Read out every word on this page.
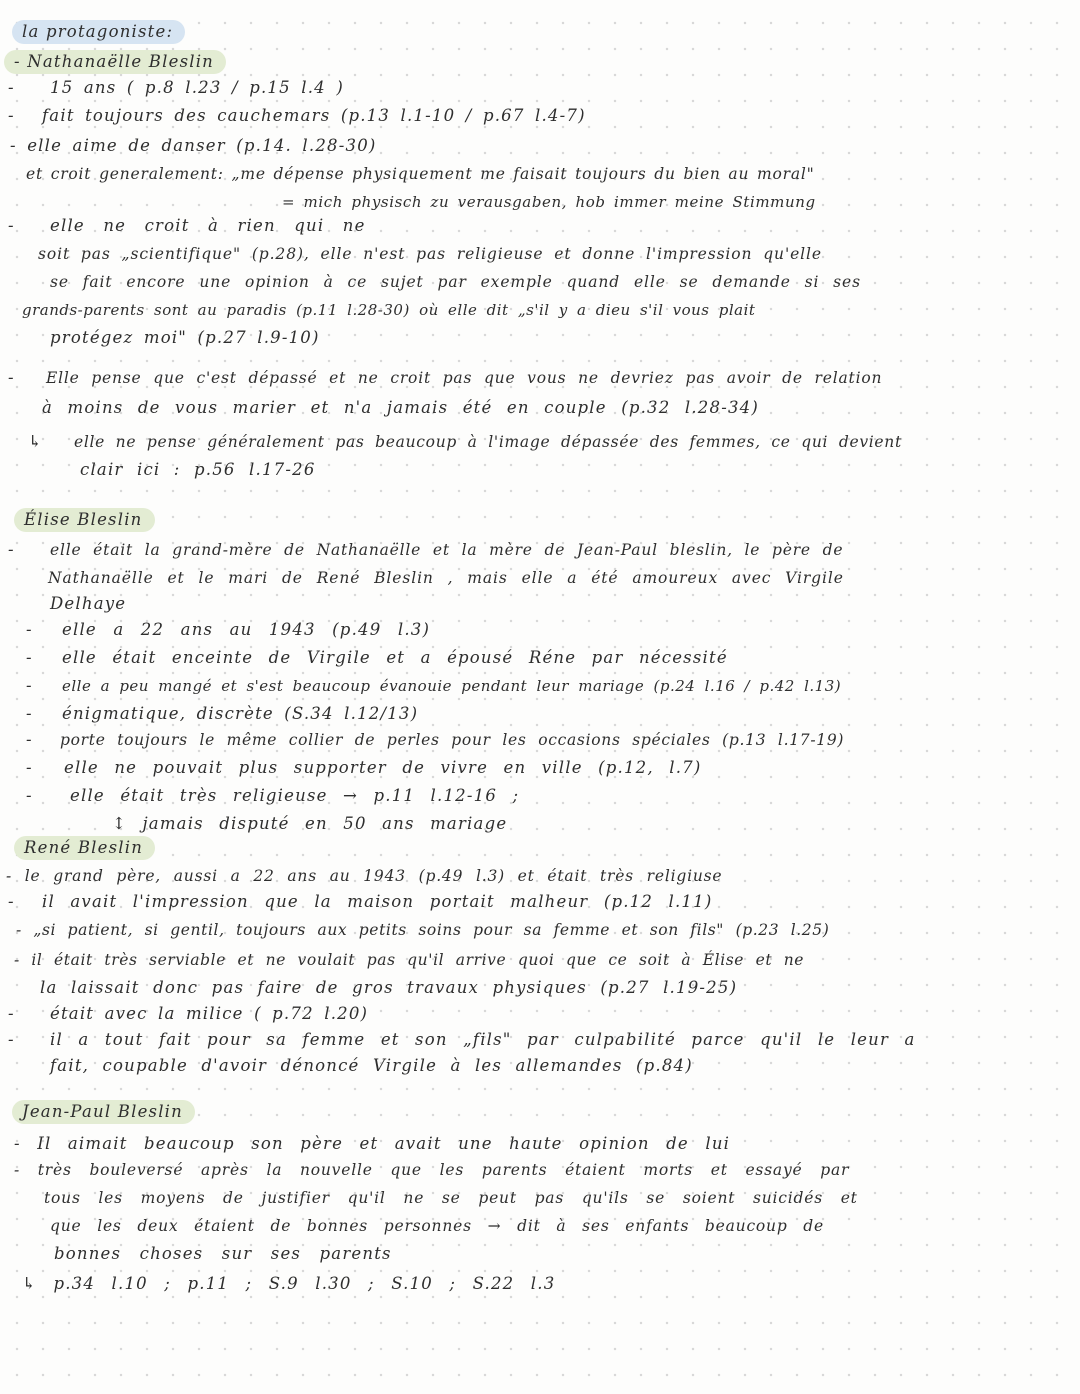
la protagoniste:
- Nathanaëlle Bleslin
- 15 ans ( p.8 l.23 / p.15 l.4 )
- fait toujours des cauchemars (p.13 l.1-10 / p.67 l.4-7)
- elle aime de danser (p.14. l.28-30)
et croit generalement: „me dépense physiquement me faisait toujours du bien au moral"
= mich physisch zu verausgaben, hob immer meine Stimmung
- elle ne croit à rien qui ne
soit pas „scientifique" (p.28), elle n'est pas religieuse et donne l'impression qu'elle
se fait encore une opinion à ce sujet par exemple quand elle se demande si ses
grands-parents sont au paradis (p.11 l.28-30) où elle dit „s'il y a dieu s'il vous plait
protégez moi" (p.27 l.9-10)
- Elle pense que c'est dépassé et ne croit pas que vous ne devriez pas avoir de relation
à moins de vous marier et n'a jamais été en couple (p.32 l.28-34)
↳ elle ne pense généralement pas beaucoup à l'image dépassée des femmes, ce qui devient
clair ici : p.56 l.17-26
Élise Bleslin
- elle était la grand-mère de Nathanaëlle et la mère de Jean-Paul bleslin, le père de
Nathanaëlle et le mari de René Bleslin , mais elle a été amoureux avec Virgile
Delhaye
- elle a 22 ans au 1943 (p.49 l.3)
- elle était enceinte de Virgile et a épousé Réne par nécessité
- elle a peu mangé et s'est beaucoup évanouie pendant leur mariage (p.24 l.16 / p.42 l.13)
- énigmatique, discrète (S.34 l.12/13)
- porte toujours le même collier de perles pour les occasions spéciales (p.13 l.17-19)
- elle ne pouvait plus supporter de vivre en ville (p.12, l.7)
- elle était très religieuse → p.11 l.12-16 ;
↕ jamais disputé en 50 ans mariage
René Bleslin
- le grand père, aussi a 22 ans au 1943 (p.49 l.3) et était très religiuse
- il avait l'impression que la maison portait malheur (p.12 l.11)
- „si patient, si gentil, toujours aux petits soins pour sa femme et son fils" (p.23 l.25)
- il était très serviable et ne voulait pas qu'il arrive quoi que ce soit à Élise et ne
la laissait donc pas faire de gros travaux physiques (p.27 l.19-25)
- était avec la milice ( p.72 l.20)
- il a tout fait pour sa femme et son „fils" par culpabilité parce qu'il le leur a
fait, coupable d'avoir dénoncé Virgile à les allemandes (p.84)
Jean-Paul Bleslin
- Il aimait beaucoup son père et avait une haute opinion de lui
- très bouleversé après la nouvelle que les parents étaient morts et essayé par
tous les moyens de justifier qu'il ne se peut pas qu'ils se soient suicidés et
que les deux étaient de bonnes personnes → dit à ses enfants beaucoup de
bonnes choses sur ses parents
↳ p.34 l.10 ; p.11 ; S.9 l.30 ; S.10 ; S.22 l.3
